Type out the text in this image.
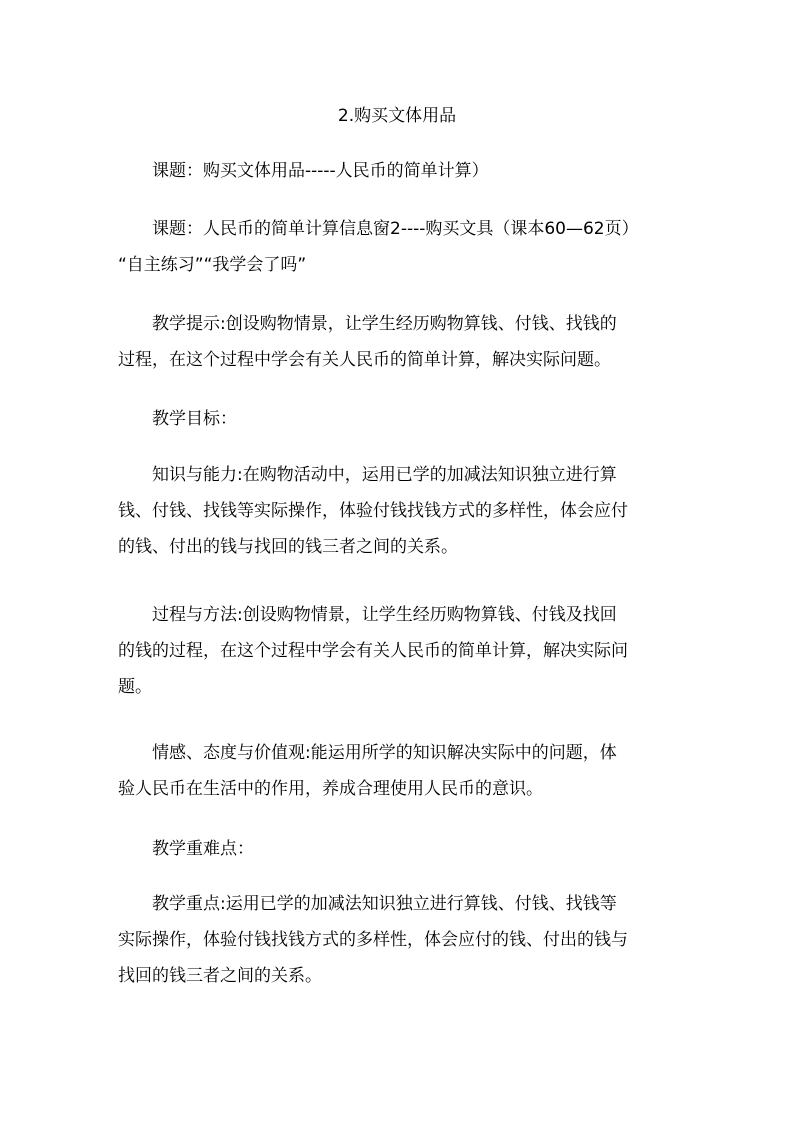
2.购买文体用品
课题：购买文体用品-----人民币的简单计算）
课题：人民币的简单计算信息窗2----购买文具（课本60—62页）
“自主练习”“我学会了吗”
教学提示:创设购物情景，让学生经历购物算钱、付钱、找钱的
过程，在这个过程中学会有关人民币的简单计算，解决实际问题。
教学目标：
知识与能力:在购物活动中，运用已学的加减法知识独立进行算
钱、付钱、找钱等实际操作，体验付钱找钱方式的多样性，体会应付
的钱、付出的钱与找回的钱三者之间的关系。
过程与方法:创设购物情景，让学生经历购物算钱、付钱及找回
的钱的过程，在这个过程中学会有关人民币的简单计算，解决实际问
题。
情感、态度与价值观:能运用所学的知识解决实际中的问题，体
验人民币在生活中的作用，养成合理使用人民币的意识。
教学重难点：
教学重点:运用已学的加减法知识独立进行算钱、付钱、找钱等
实际操作，体验付钱找钱方式的多样性，体会应付的钱、付出的钱与
找回的钱三者之间的关系。
